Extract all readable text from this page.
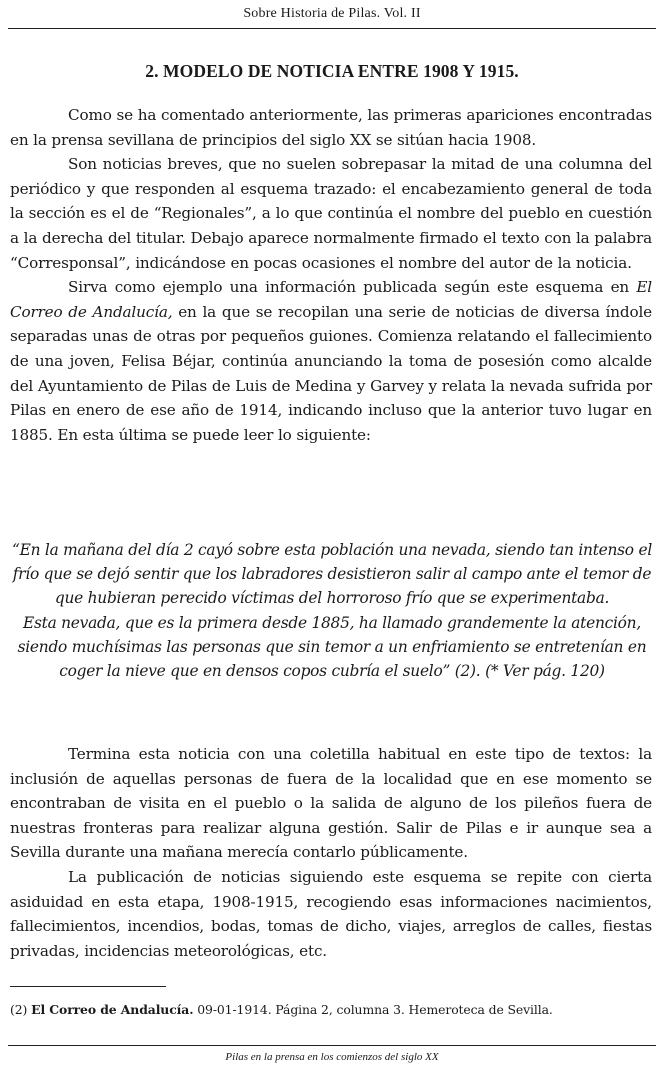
Sobre Historia de Pilas. Vol. II
2. MODELO DE NOTICIA ENTRE 1908 Y 1915.

Como se ha comentado anteriormente, las primeras apariciones encontradas en la prensa sevillana de principios del siglo XX se sitúan hacia 1908.

Son noticias breves, que no suelen sobrepasar la mitad de una columna del periódico y que responden al esquema trazado: el encabezamiento general de toda la sección es el de “Regionales”, a lo que continúa el nombre del pueblo en cuestión a la derecha del titular. Debajo aparece normalmente firmado el texto con la palabra “Corresponsal”, indicándose en pocas ocasiones el nombre del autor de la noticia.

Sirva como ejemplo una información publicada según este esquema en El Correo de Andalucía, en la que se recopilan una serie de noticias de diversa índole separadas unas de otras por pequeños guiones. Comienza relatando el fallecimiento de una joven, Felisa Béjar, continúa anunciando la toma de posesión como alcalde del Ayuntamiento de Pilas de Luis de Medina y Garvey y relata la nevada sufrida por Pilas en enero de ese año de 1914, indicando incluso que la anterior tuvo lugar en 1885. En esta última se puede leer lo siguiente:

“En la mañana del día 2 cayó sobre esta población una nevada, siendo tan intenso el frío que se dejó sentir que los labradores desistieron salir al campo ante el temor de que hubieran perecido víctimas del horroroso frío que se experimentaba.

Esta nevada, que es la primera desde 1885, ha llamado grandemente la atención, siendo muchísimas las personas que sin temor a un enfriamiento se entretenían en coger la nieve que en densos copos cubría el suelo” (2). (* Ver pág. 120)

Termina esta noticia con una coletilla habitual en este tipo de textos: la inclusión de aquellas personas de fuera de la localidad que en ese momento se encontraban de visita en el pueblo o la salida de alguno de los pileños fuera de nuestras fronteras para realizar alguna gestión. Salir de Pilas e ir aunque sea a Sevilla durante una mañana merecía contarlo públicamente.

La publicación de noticias siguiendo este esquema se repite con cierta asiduidad en esta etapa, 1908-1915, recogiendo esas informaciones nacimientos, fallecimientos, incendios, bodas, tomas de dicho, viajes, arreglos de calles, fiestas privadas, incidencias meteorológicas, etc.

(2) El Correo de Andalucía. 09-01-1914. Página 2, columna 3. Hemeroteca de Sevilla.
Pilas en la prensa en los comienzos del siglo XX
